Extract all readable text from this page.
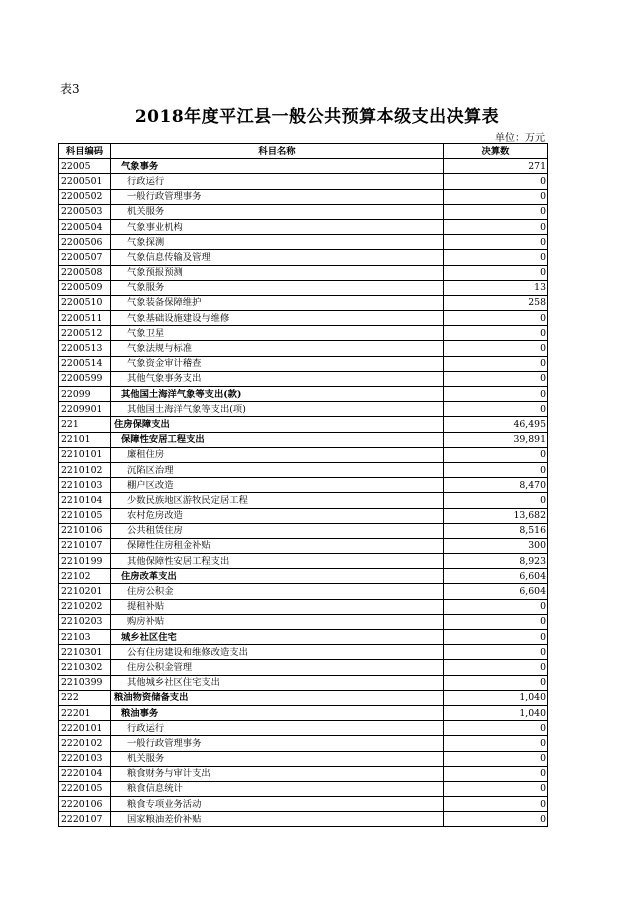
表3
2018年度平江县一般公共预算本级支出决算表
单位：万元
科目编码	科目名称	决算数
22005	气象事务	271
2200501	行政运行	0
2200502	一般行政管理事务	0
2200503	机关服务	0
2200504	气象事业机构	0
2200506	气象探测	0
2200507	气象信息传输及管理	0
2200508	气象预报预测	0
2200509	气象服务	13
2200510	气象装备保障维护	258
2200511	气象基础设施建设与维修	0
2200512	气象卫星	0
2200513	气象法规与标准	0
2200514	气象资金审计稽查	0
2200599	其他气象事务支出	0
22099	其他国土海洋气象等支出(款)	0
2209901	其他国土海洋气象等支出(项)	0
221	住房保障支出	46,495
22101	保障性安居工程支出	39,891
2210101	廉租住房	0
2210102	沉陷区治理	0
2210103	棚户区改造	8,470
2210104	少数民族地区游牧民定居工程	0
2210105	农村危房改造	13,682
2210106	公共租赁住房	8,516
2210107	保障性住房租金补贴	300
2210199	其他保障性安居工程支出	8,923
22102	住房改革支出	6,604
2210201	住房公积金	6,604
2210202	提租补贴	0
2210203	购房补贴	0
22103	城乡社区住宅	0
2210301	公有住房建设和维修改造支出	0
2210302	住房公积金管理	0
2210399	其他城乡社区住宅支出	0
222	粮油物资储备支出	1,040
22201	粮油事务	1,040
2220101	行政运行	0
2220102	一般行政管理事务	0
2220103	机关服务	0
2220104	粮食财务与审计支出	0
2220105	粮食信息统计	0
2220106	粮食专项业务活动	0
2220107	国家粮油差价补贴	0
